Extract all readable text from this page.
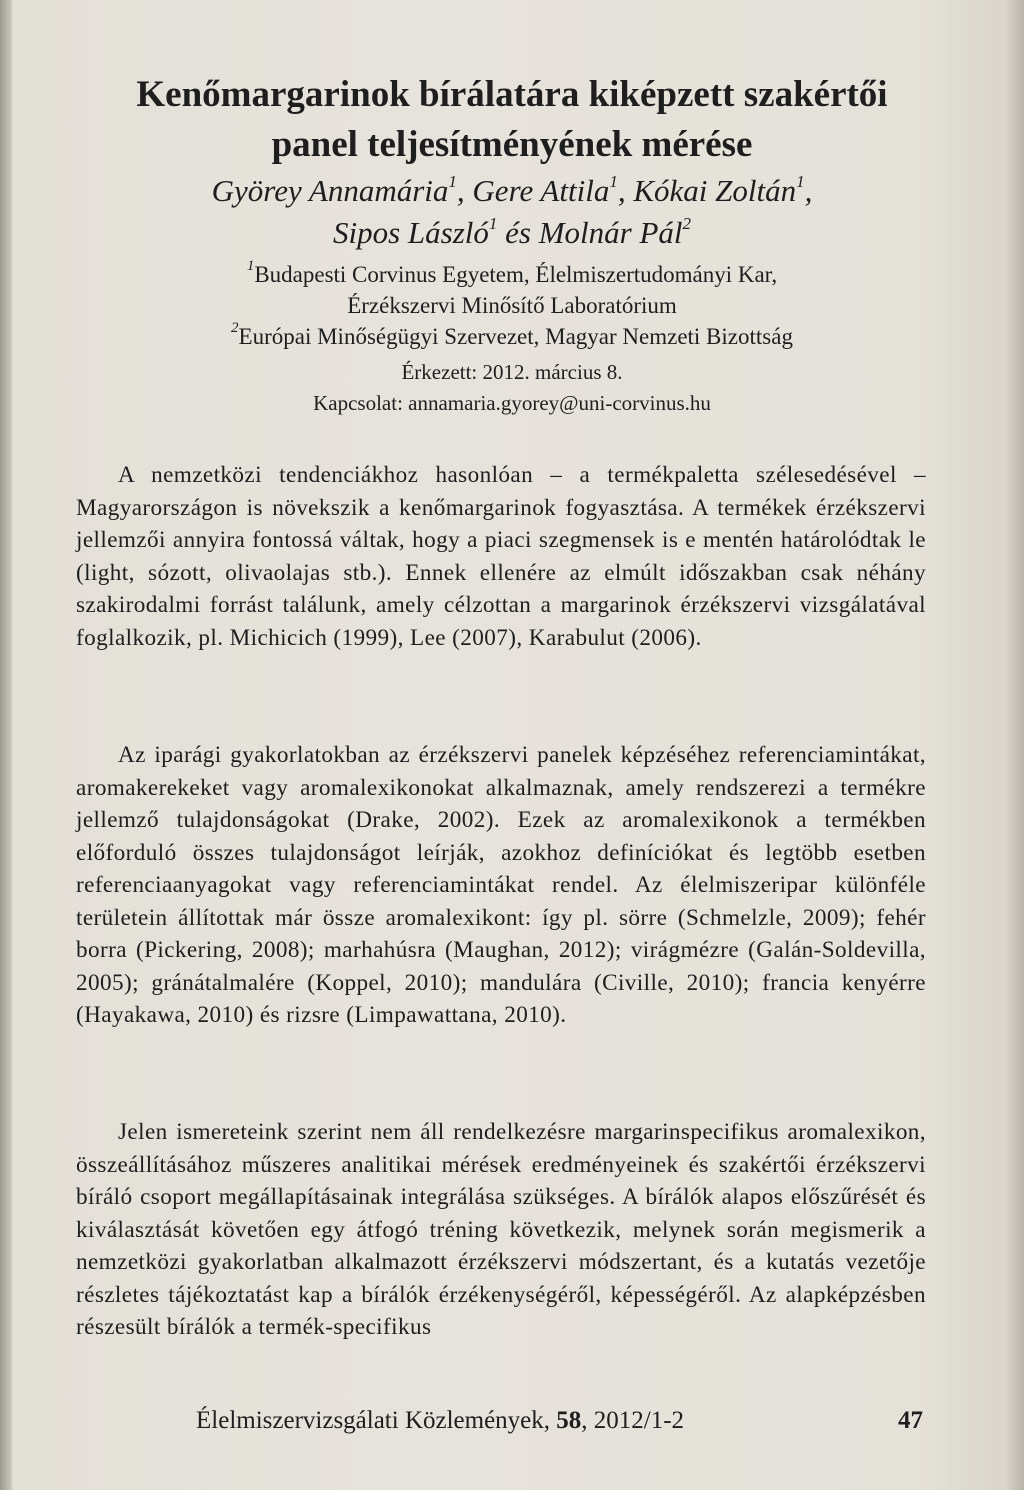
Kenőmargarinok bírálatára kiképzett szakértői
panel teljesítményének mérése
Györey Annamária$^1$, Gere Attila$^1$, Kókai Zoltán$^1$,
Sipos László$^1$ és Molnár Pál$^2$
$^1$Budapesti Corvinus Egyetem, Élelmiszertudományi Kar,
Érzékszervi Minősítő Laboratórium
$^2$Európai Minőségügyi Szervezet, Magyar Nemzeti Bizottság
Érkezett: 2012. március 8.
Kapcsolat: annamaria.gyorey@uni-corvinus.hu
A nemzetközi tendenciákhoz hasonlóan – a termékpaletta szélesedésével – Magyarországon is növekszik a kenőmargarinok fogyasztása. A termékek érzékszervi jellemzői annyira fontossá váltak, hogy a piaci szegmensek is e mentén határolódtak le (light, sózott, olivaolajas stb.). Ennek ellenére az elmúlt időszakban csak néhány szakirodalmi forrást találunk, amely célzottan a margarinok érzékszervi vizsgálatával foglalkozik, pl. Michicich (1999), Lee (2007), Karabulut (2006).
Az iparági gyakorlatokban az érzékszervi panelek képzéséhez referenciamintákat, aromakerekeket vagy aromalexikonokat alkalmaznak, amely rendszerezi a termékre jellemző tulajdonságokat (Drake, 2002). Ezek az aromalexikonok a termékben előforduló összes tulajdonságot leírják, azokhoz definíciókat és legtöbb esetben referenciaanyagokat vagy referenciamintákat rendel. Az élelmiszeripar különféle területein állítottak már össze aromalexikont: így pl. sörre (Schmelzle, 2009); fehér borra (Pickering, 2008); marhahúsra (Maughan, 2012); virágmézre (Galán-Soldevilla, 2005); gránátalmalére (Koppel, 2010); mandulára (Civille, 2010); francia kenyérre (Hayakawa, 2010) és rizsre (Limpawattana, 2010).
Jelen ismereteink szerint nem áll rendelkezésre margarinspecifikus aromalexikon, összeállításához műszeres analitikai mérések eredményeinek és szakértői érzékszervi bíráló csoport megállapításainak integrálása szükséges. A bírálók alapos előszűrését és kiválasztását követően egy átfogó tréning következik, melynek során megismerik a nemzetközi gyakorlatban alkalmazott érzékszervi módszertant, és a kutatás vezetője részletes tájékoztatást kap a bírálók érzékenységéről, képességéről. Az alapképzésben részesült bírálók a termék-specifikus
Élelmiszervizsgálati Közlemények, 58, 2012/1-2	47
